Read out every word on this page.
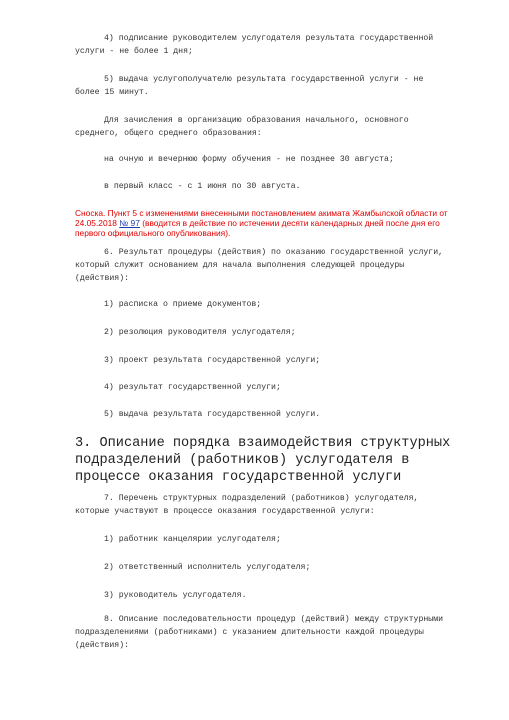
4) подписание руководителем услугодателя результата государственной
услуги - не более 1 дня;
5) выдача услугополучателю результата государственной услуги - не
более 15 минут.
Для зачисления в организацию образования начального, основного
среднего, общего среднего образования:
на очную и вечернюю форму обучения - не позднее 30 августа;
в первый класс - с 1 июня по 30 августа.
Сноска. Пункт 5 с изменениями внесенными постановлением акимата Жамбылской области от
24.05.2018 № 97 (вводится в действие по истечении десяти календарных дней после дня его
первого официального опубликования).
6. Результат процедуры (действия) по оказанию государственной услуги,
который служит основанием для начала выполнения следующей процедуры
(действия):
1) расписка о приеме документов;
2) резолюция руководителя услугодателя;
3) проект результата государственной услуги;
4) результат государственной услуги;
5) выдача результата государственной услуги.
3. Описание порядка взаимодействия структурных
подразделений (работников) услугодателя в
процессе оказания государственной услуги
7. Перечень структурных подразделений (работников) услугодателя,
которые участвуют в процессе оказания государственной услуги:
1) работник канцелярии услугодателя;
2) ответственный исполнитель услугодателя;
3) руководитель услугодателя.
8. Описание последовательности процедур (действий) между структурными
подразделениями (работниками) с указанием длительности каждой процедуры
(действия):
